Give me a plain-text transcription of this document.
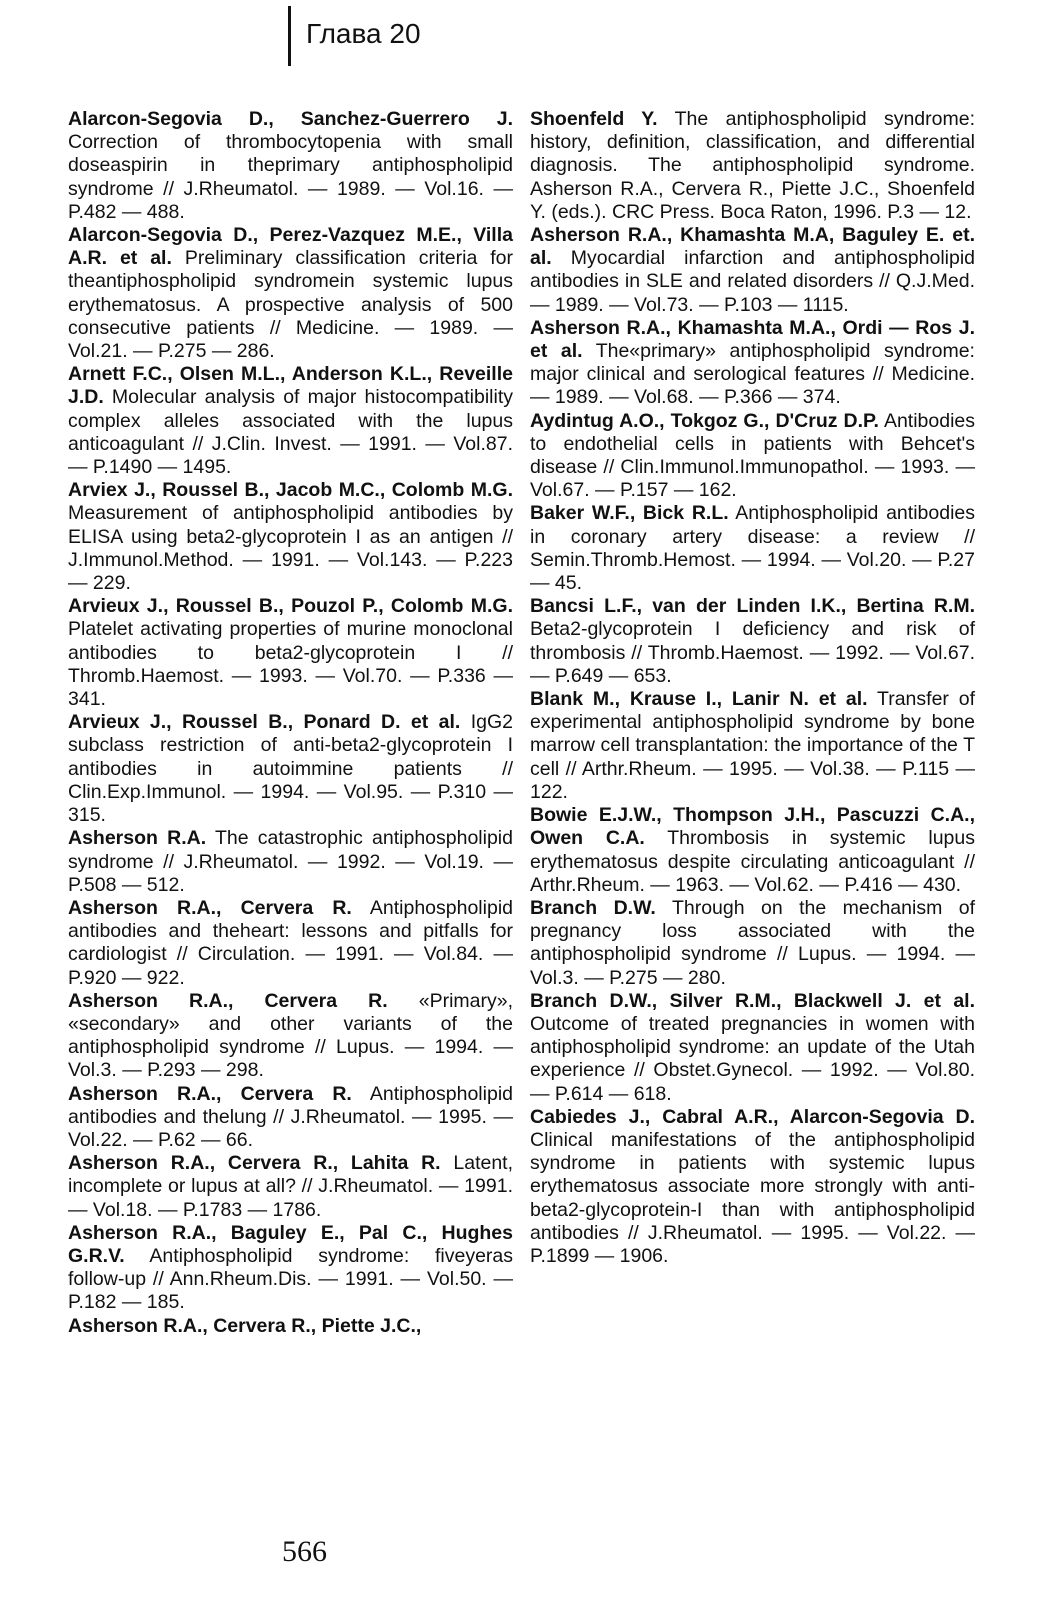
Глава 20

Alarcon-Segovia D., Sanchez-Guerrero J. Correction of thrombocytopenia with small doseaspirin in theprimary antiphospholipid syndrome // J.Rheumatol. — 1989. — Vol.16. — P.482 — 488.

Alarcon-Segovia D., Perez-Vazquez M.E., Villa A.R. et al. Preliminary classification criteria for theantiphospholipid syndromein systemic lupus erythematosus. A prospective analysis of 500 consecutive patients // Medicine. — 1989. — Vol.21. — P.275 — 286.

Arnett F.C., Olsen M.L., Anderson K.L., Reveille J.D. Molecular analysis of major histocompatibility complex alleles associated with the lupus anticoagulant // J.Clin. Invest. — 1991. — Vol.87. — P.1490 — 1495.

Arviex J., Roussel B., Jacob M.C., Colomb M.G. Measurement of antiphospholipid antibodies by ELISA using beta2-glycoprotein I as an antigen // J.Immunol.Method. — 1991. — Vol.143. — P.223 — 229.

Arvieux J., Roussel B., Pouzol P., Colomb M.G. Platelet activating properties of murine monoclonal antibodies to beta2-glycoprotein I // Thromb.Haemost. — 1993. — Vol.70. — P.336 — 341.

Arvieux J., Roussel B., Ponard D. et al. IgG2 subclass restriction of anti-beta2-glycoprotein I antibodies in autoimmine patients // Clin.Exp.Immunol. — 1994. — Vol.95. — P.310 — 315.

Asherson R.A. The catastrophic antiphospholipid syndrome // J.Rheumatol. — 1992. — Vol.19. — P.508 — 512.

Asherson R.A., Cervera R. Antiphospholipid antibodies and theheart: lessons and pitfalls for cardiologist // Circulation. — 1991. — Vol.84. — P.920 — 922.

Asherson R.A., Cervera R. «Primary», «secondary» and other variants of the antiphospholipid syndrome // Lupus. — 1994. — Vol.3. — P.293 — 298.

Asherson R.A., Cervera R. Antiphospholipid antibodies and thelung // J.Rheumatol. — 1995. — Vol.22. — P.62 — 66.

Asherson R.A., Cervera R., Lahita R. Latent, incomplete or lupus at all? // J.Rheumatol. — 1991. — Vol.18. — P.1783 — 1786.

Asherson R.A., Baguley E., Pal C., Hughes G.R.V. Antiphospholipid syndrome: fiveyeras follow-up // Ann.Rheum.Dis. — 1991. — Vol.50. — P.182 — 185.

Asherson R.A., Cervera R., Piette J.C.,

Shoenfeld Y. The antiphospholipid syndrome: history, definition, classification, and differential diagnosis. The antiphospholipid syndrome. Asherson R.A., Cervera R., Piette J.C., Shoenfeld Y. (eds.). CRC Press. Boca Raton, 1996. P.3 — 12.

Asherson R.A., Khamashta M.A, Baguley E. et. al. Myocardial infarction and antiphospholipid antibodies in SLE and related disorders // Q.J.Med. — 1989. — Vol.73. — P.103 — 1115.

Asherson R.A., Khamashta M.A., Ordi — Ros J. et al. The«primary» antiphospholipid syndrome: major clinical and serological features // Medicine. — 1989. — Vol.68. — P.366 — 374.

Aydintug A.O., Tokgoz G., D'Cruz D.P. Antibodies to endothelial cells in patients with Behcet's disease // Clin.Immunol.Immunopathol. — 1993. — Vol.67. — P.157 — 162.

Baker W.F., Bick R.L. Antiphospholipid antibodies in coronary artery disease: a review // Semin.Thromb.Hemost. — 1994. — Vol.20. — P.27 — 45.

Bancsi L.F., van der Linden I.K., Bertina R.M. Beta2-glycoprotein I deficiency and risk of thrombosis // Thromb.Haemost. — 1992. — Vol.67. — P.649 — 653.

Blank M., Krause I., Lanir N. et al. Transfer of experimental antiphospholipid syndrome by bone marrow cell transplantation: the importance of the T cell // Arthr.Rheum. — 1995. — Vol.38. — P.115 — 122.

Bowie E.J.W., Thompson J.H., Pascuzzi C.A., Owen C.A. Thrombosis in systemic lupus erythematosus despite circulating anticoagulant // Arthr.Rheum. — 1963. — Vol.62. — P.416 — 430.

Branch D.W. Through on the mechanism of pregnancy loss associated with the antiphospholipid syndrome // Lupus. — 1994. — Vol.3. — P.275 — 280.

Branch D.W., Silver R.M., Blackwell J. et al. Outcome of treated pregnancies in women with antiphospholipid syndrome: an update of the Utah experience // Obstet.Gynecol. — 1992. — Vol.80. — P.614 — 618.

Cabiedes J., Cabral A.R., Alarcon-Segovia D. Clinical manifestations of the antiphospholipid syndrome in patients with systemic lupus erythematosus associate more strongly with anti-beta2-glycoprotein-I than with antiphospholipid antibodies // J.Rheumatol. — 1995. — Vol.22. — P.1899 — 1906.

566
